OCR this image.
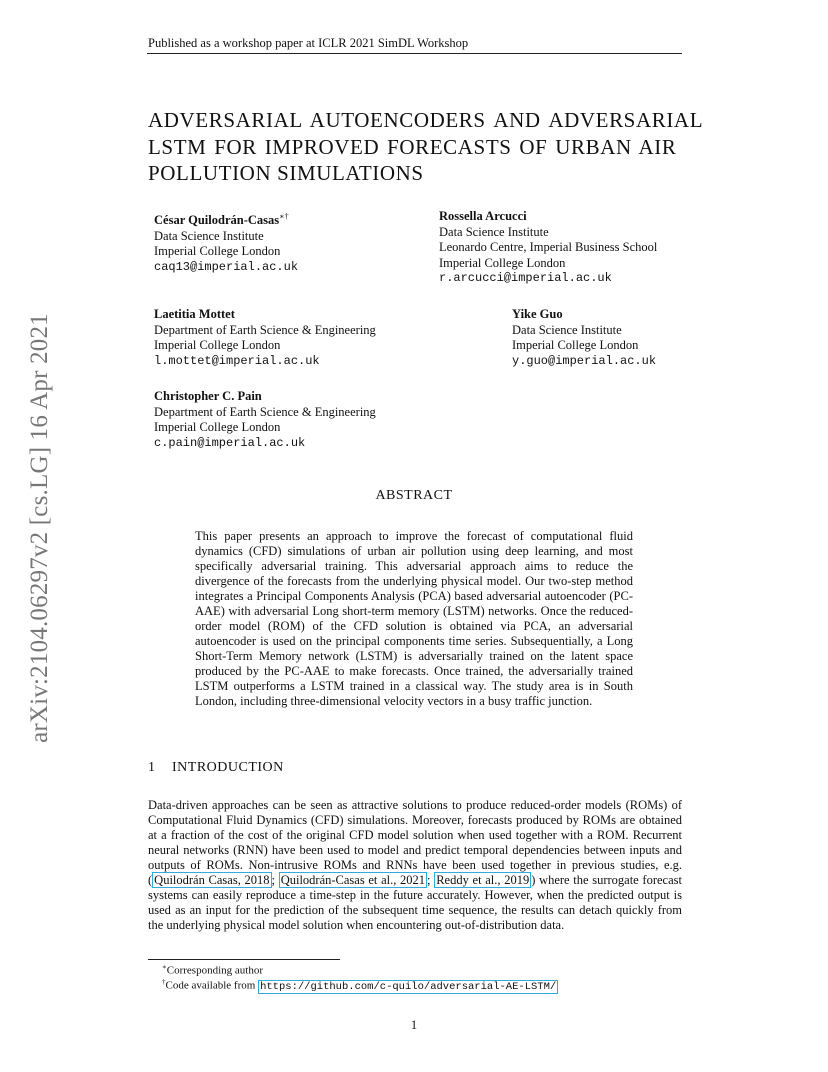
Published as a workshop paper at ICLR 2021 SimDL Workshop
arXiv:2104.06297v2 [cs.LG] 16 Apr 2021
ADVERSARIAL AUTOENCODERS AND ADVERSARIAL
LSTM FOR IMPROVED FORECASTS OF URBAN AIR
POLLUTION SIMULATIONS
César Quilodrán-Casas∗†
Data Science Institute
Imperial College London
caq13@imperial.ac.uk
Rossella Arcucci
Data Science Institute
Leonardo Centre, Imperial Business School
Imperial College London
r.arcucci@imperial.ac.uk
Laetitia Mottet
Department of Earth Science & Engineering
Imperial College London
l.mottet@imperial.ac.uk
Yike Guo
Data Science Institute
Imperial College London
y.guo@imperial.ac.uk
Christopher C. Pain
Department of Earth Science & Engineering
Imperial College London
c.pain@imperial.ac.uk
ABSTRACT
This paper presents an approach to improve the forecast of computational fluid dynamics (CFD) simulations of urban air pollution using deep learning, and most specifically adversarial training. This adversarial approach aims to reduce the divergence of the forecasts from the underlying physical model. Our two-step method integrates a Principal Components Analysis (PCA) based adversarial autoencoder (PC-AAE) with adversarial Long short-term memory (LSTM) networks. Once the reduced-order model (ROM) of the CFD solution is obtained via PCA, an adversarial autoencoder is used on the principal components time series. Subsequentially, a Long Short-Term Memory network (LSTM) is adversarially trained on the latent space produced by the PC-AAE to make forecasts. Once trained, the adversarially trained LSTM outperforms a LSTM trained in a classical way. The study area is in South London, including three-dimensional velocity vectors in a busy traffic junction.
1 INTRODUCTION
Data-driven approaches can be seen as attractive solutions to produce reduced-order models (ROMs) of Computational Fluid Dynamics (CFD) simulations. Moreover, forecasts produced by ROMs are obtained at a fraction of the cost of the original CFD model solution when used together with a ROM. Recurrent neural networks (RNN) have been used to model and predict temporal dependencies between inputs and outputs of ROMs. Non-intrusive ROMs and RNNs have been used together in previous studies, e.g. ( Quilodrán Casas, 2018 ; Quilodrán-Casas et al., 2021 ; Reddy et al., 2019 ) where the surrogate forecast systems can easily reproduce a time-step in the future accurately. However, when the predicted output is used as an input for the prediction of the subsequent time sequence, the results can detach quickly from the underlying physical model solution when encountering out-of-distribution data.
∗Corresponding author
†Code available from https://github.com/c-quilo/adversarial-AE-LSTM/
1
